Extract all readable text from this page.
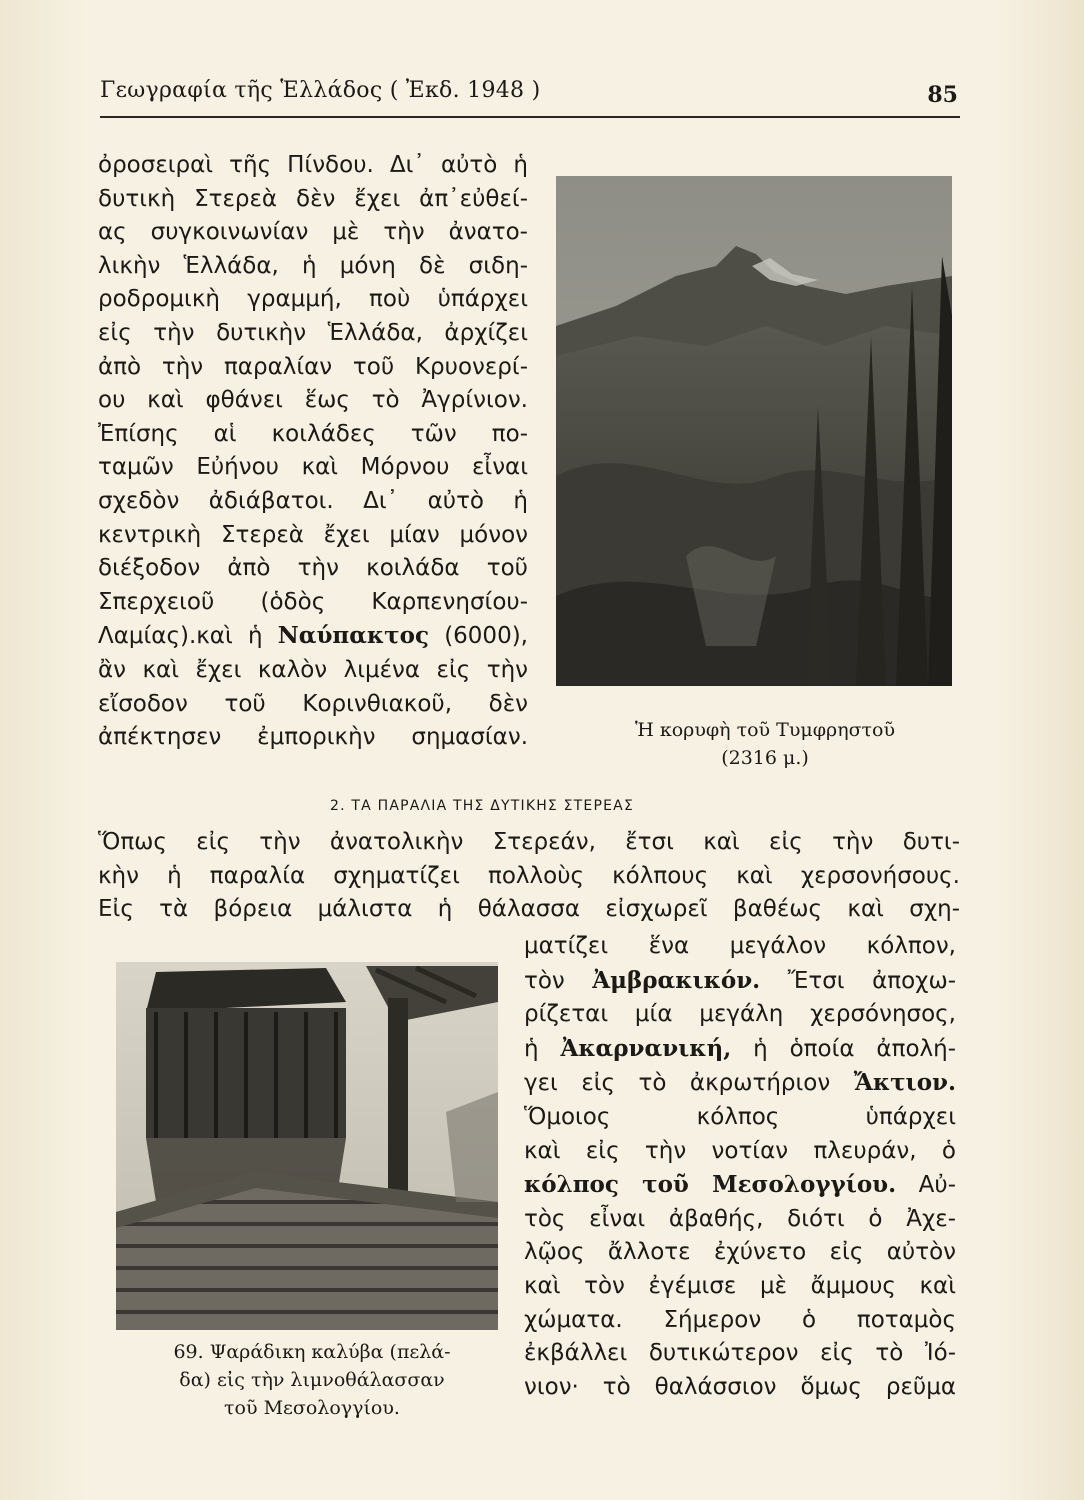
Γεωγραφία τῆς Ἑλλάδος ( Ἐκδ. 1948 )	85

ὀροσειραὶ τῆς Πίνδου. Δι᾿ αὐτὸ ἡ
δυτικὴ Στερεὰ δὲν ἔχει ἀπ᾿εὐθεί-
ας συγκοινωνίαν μὲ τὴν ἀνατο-
λικὴν Ἑλλάδα, ἡ μόνη δὲ σιδη-
ροδρομικὴ γραμμή, ποὺ ὑπάρχει
εἰς τὴν δυτικὴν Ἑλλάδα, ἀρχίζει
ἀπὸ τὴν παραλίαν τοῦ Κρυονερί-
ου καὶ φθάνει ἕως τὸ Ἀγρίνιον.
Ἐπίσης αἱ κοιλάδες τῶν πο-
ταμῶν Εὐήνου καὶ Μόρνου εἶναι
σχεδὸν ἀδιάβατοι. Δι᾿ αὐτὸ ἡ
κεντρικὴ Στερεὰ ἔχει μίαν μόνον
διέξοδον ἀπὸ τὴν κοιλάδα τοῦ
Σπερχειοῦ (ὁδὸς Καρπενησίου-
Λαμίας).καὶ ἡ Ναύπακτος (6000),
ἂν καὶ ἔχει καλὸν λιμένα εἰς τὴν
εἴσοδον τοῦ Κορινθιακοῦ, δὲν
ἀπέκτησεν ἐμπορικὴν σημασίαν.	Ἡ κορυφὴ τοῦ Τυμφρηστοῦ
(2316 μ.)
2. ΤΑ ΠΑΡΑΛΙΑ ΤΗΣ ΔΥΤΙΚΗΣ ΣΤΕΡΕΑΣ

Ὅπως εἰς τὴν ἀνατολικὴν Στερεάν, ἔτσι καὶ εἰς τὴν δυτι-
κὴν ἡ παραλία σχηματίζει πολλοὺς κόλπους καὶ χερσονήσους.
Εἰς τὰ βόρεια μάλιστα ἡ θάλασσα εἰσχωρεῖ βαθέως καὶ σχη-

69. Ψαράδικη καλύβα (πελά-
δα) εἰς τὴν λιμνοθάλασσαν
τοῦ Μεσολογγίου.

ματίζει ἕνα μεγάλον κόλπον,
τὸν Ἀμβρακικόν. Ἔτσι ἀποχω-
ρίζεται μία μεγάλη χερσόνησος,
ἡ Ἀκαρνανική, ἡ ὁποία ἀπολή-
γει εἰς τὸ ἀκρωτήριον Ἄκτιον.
Ὅμοιος κόλπος ὑπάρχει
καὶ εἰς τὴν νοτίαν πλευράν, ὁ
κόλπος τοῦ Μεσολογγίου. Αὐ-
τὸς εἶναι ἀβαθής, διότι ὁ Ἀχε-
λῷος ἄλλοτε ἐχύνετο εἰς αὐτὸν
καὶ τὸν ἐγέμισε μὲ ἄμμους καὶ
χώματα. Σήμερον ὁ ποταμὸς
ἐκβάλλει δυτικώτερον εἰς τὸ Ἰό-
νιον· τὸ θαλάσσιον ὅμως ρεῦμα
